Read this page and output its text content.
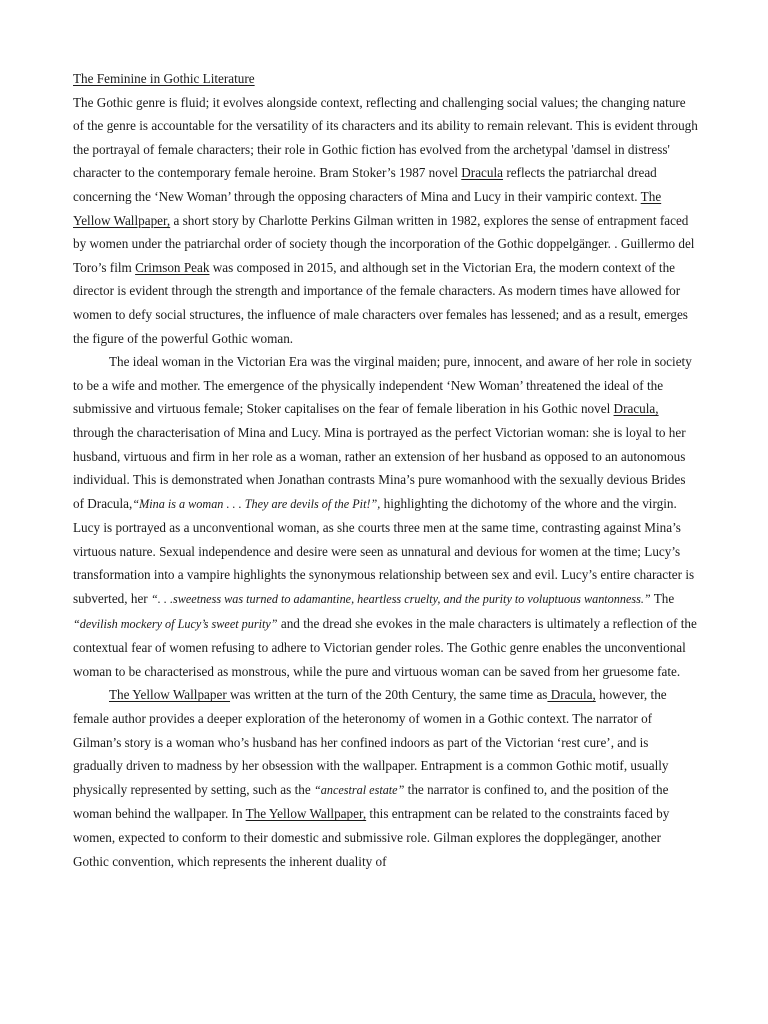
The Feminine in Gothic Literature

The Gothic genre is fluid; it evolves alongside context, reflecting and challenging social values; the changing nature of the genre is accountable for the versatility of its characters and its ability to remain relevant. This is evident through the portrayal of female characters; their role in Gothic fiction has evolved from the archetypal 'damsel in distress' character to the contemporary female heroine. Bram Stoker’s 1987 novel Dracula reflects the patriarchal dread concerning the ‘New Woman’ through the opposing characters of Mina and Lucy in their vampiric context. The Yellow Wallpaper, a short story by Charlotte Perkins Gilman written in 1982, explores the sense of entrapment faced by women under the patriarchal order of society though the incorporation of the Gothic doppelgänger. . Guillermo del Toro’s film Crimson Peak was composed in 2015, and although set in the Victorian Era, the modern context of the director is evident through the strength and importance of the female characters. As modern times have allowed for women to defy social structures, the influence of male characters over females has lessened; and as a result, emerges the figure of the powerful Gothic woman.

The ideal woman in the Victorian Era was the virginal maiden; pure, innocent, and aware of her role in society to be a wife and mother. The emergence of the physically independent ‘New Woman’ threatened the ideal of the submissive and virtuous female; Stoker capitalises on the fear of female liberation in his Gothic novel Dracula, through the characterisation of Mina and Lucy. Mina is portrayed as the perfect Victorian woman: she is loyal to her husband, virtuous and firm in her role as a woman, rather an extension of her husband as opposed to an autonomous individual. This is demonstrated when Jonathan contrasts Mina’s pure womanhood with the sexually devious Brides of Dracula,“Mina is a woman . . . They are devils of the Pit!”, highlighting the dichotomy of the whore and the virgin. Lucy is portrayed as a unconventional woman, as she courts three men at the same time, contrasting against Mina’s virtuous nature. Sexual independence and desire were seen as unnatural and devious for women at the time; Lucy’s transformation into a vampire highlights the synonymous relationship between sex and evil. Lucy’s entire character is subverted, her “. . .sweetness was turned to adamantine, heartless cruelty, and the purity to voluptuous wantonness.” The “devilish mockery of Lucy’s sweet purity” and the dread she evokes in the male characters is ultimately a reflection of the contextual fear of women refusing to adhere to Victorian gender roles. The Gothic genre enables the unconventional woman to be characterised as monstrous, while the pure and virtuous woman can be saved from her gruesome fate.

The Yellow Wallpaper was written at the turn of the 20th Century, the same time as Dracula, however, the female author provides a deeper exploration of the heteronomy of women in a Gothic context. The narrator of Gilman’s story is a woman who’s husband has her confined indoors as part of the Victorian ‘rest cure’, and is gradually driven to madness by her obsession with the wallpaper. Entrapment is a common Gothic motif, usually physically represented by setting, such as the “ancestral estate” the narrator is confined to, and the position of the woman behind the wallpaper. In The Yellow Wallpaper, this entrapment can be related to the constraints faced by women, expected to conform to their domestic and submissive role. Gilman explores the dopplegänger, another Gothic convention, which represents the inherent duality of
